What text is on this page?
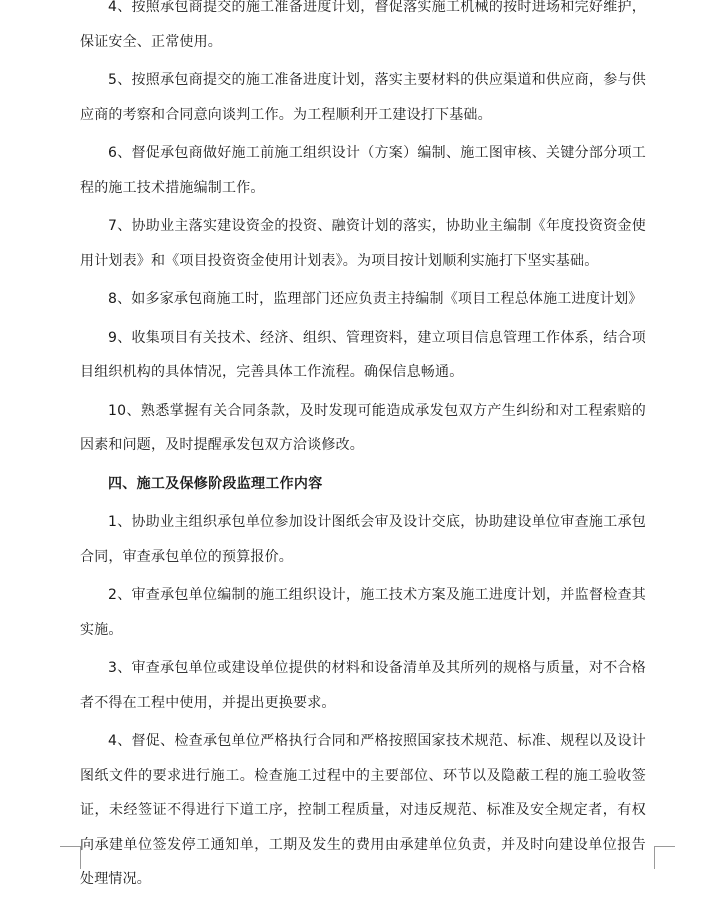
4、按照承包商提交的施工准备进度计划，督促落实施工机械的按时进场和完好维护，保证安全、正常使用。

5、按照承包商提交的施工准备进度计划，落实主要材料的供应渠道和供应商，参与供应商的考察和合同意向谈判工作。为工程顺利开工建设打下基础。

6、督促承包商做好施工前施工组织设计（方案）编制、施工图审核、关键分部分项工程的施工技术措施编制工作。

7、协助业主落实建设资金的投资、融资计划的落实，协助业主编制《年度投资资金使用计划表》和《项目投资资金使用计划表》。为项目按计划顺利实施打下坚实基础。

8、如多家承包商施工时，监理部门还应负责主持编制《项目工程总体施工进度计划》

9、收集项目有关技术、经济、组织、管理资料，建立项目信息管理工作体系，结合项目组织机构的具体情况，完善具体工作流程。确保信息畅通。

10、熟悉掌握有关合同条款，及时发现可能造成承发包双方产生纠纷和对工程索赔的因素和问题，及时提醒承发包双方洽谈修改。

四、施工及保修阶段监理工作内容

1、协助业主组织承包单位参加设计图纸会审及设计交底，协助建设单位审查施工承包合同，审查承包单位的预算报价。

2、审查承包单位编制的施工组织设计，施工技术方案及施工进度计划，并监督检查其实施。

3、审查承包单位或建设单位提供的材料和设备清单及其所列的规格与质量，对不合格者不得在工程中使用，并提出更换要求。

4、督促、检查承包单位严格执行合同和严格按照国家技术规范、标准、规程以及设计图纸文件的要求进行施工。检查施工过程中的主要部位、环节以及隐蔽工程的施工验收签证，未经签证不得进行下道工序，控制工程质量，对违反规范、标准及安全规定者，有权向承建单位签发停工通知单，工期及发生的费用由承建单位负责，并及时向建设单位报告处理情况。
